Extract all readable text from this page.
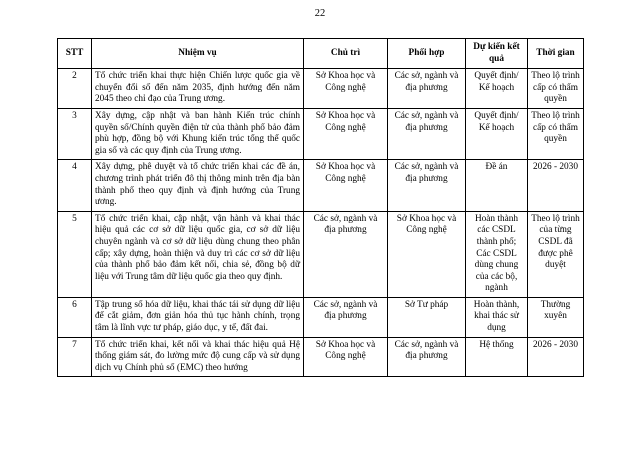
22
STT	Nhiệm vụ	Chủ trì	Phối hợp	Dự kiến kết quả	Thời gian
2	Tổ chức triển khai thực hiện Chiến lược quốc gia về chuyển đổi số đến năm 2035, định hướng đến năm 2045 theo chỉ đạo của Trung ương.	Sở Khoa học và Công nghệ	Các sở, ngành và địa phương	Quyết định/ Kế hoạch	Theo lộ trình cấp có thẩm quyền
3	Xây dựng, cập nhật và ban hành Kiến trúc chính quyền số/Chính quyền điện tử của thành phố bảo đảm phù hợp, đồng bộ với Khung kiến trúc tổng thể quốc gia số và các quy định của Trung ương.	Sở Khoa học và Công nghệ	Các sở, ngành và địa phương	Quyết định/ Kế hoạch	Theo lộ trình cấp có thẩm quyền
4	Xây dựng, phê duyệt và tổ chức triển khai các đề án, chương trình phát triển đô thị thông minh trên địa bàn thành phố theo quy định và định hướng của Trung ương.	Sở Khoa học và Công nghệ	Các sở, ngành và địa phương	Đề án	2026 - 2030
5	Tổ chức triển khai, cập nhật, vận hành và khai thác hiệu quả các cơ sở dữ liệu quốc gia, cơ sở dữ liệu chuyên ngành và cơ sở dữ liệu dùng chung theo phân cấp; xây dựng, hoàn thiện và duy trì các cơ sở dữ liệu của thành phố bảo đảm kết nối, chia sẻ, đồng bộ dữ liệu với Trung tâm dữ liệu quốc gia theo quy định.	Các sở, ngành và địa phương	Sở Khoa học và Công nghệ	Hoàn thành các CSDL thành phố; Các CSDL dùng chung của các bộ, ngành	Theo lộ trình của từng CSDL đã được phê duyệt
6	Tập trung số hóa dữ liệu, khai thác tái sử dụng dữ liệu để cắt giảm, đơn giản hóa thủ tục hành chính, trọng tâm là lĩnh vực tư pháp, giáo dục, y tế, đất đai.	Các sở, ngành và địa phương	Sở Tư pháp	Hoàn thành, khai thác sử dụng	Thường xuyên
7	Tổ chức triển khai, kết nối và khai thác hiệu quả Hệ thống giám sát, đo lường mức độ cung cấp và sử dụng dịch vụ Chính phủ số (EMC) theo hướng	Sở Khoa học và Công nghệ	Các sở, ngành và địa phương	Hệ thống	2026 - 2030
